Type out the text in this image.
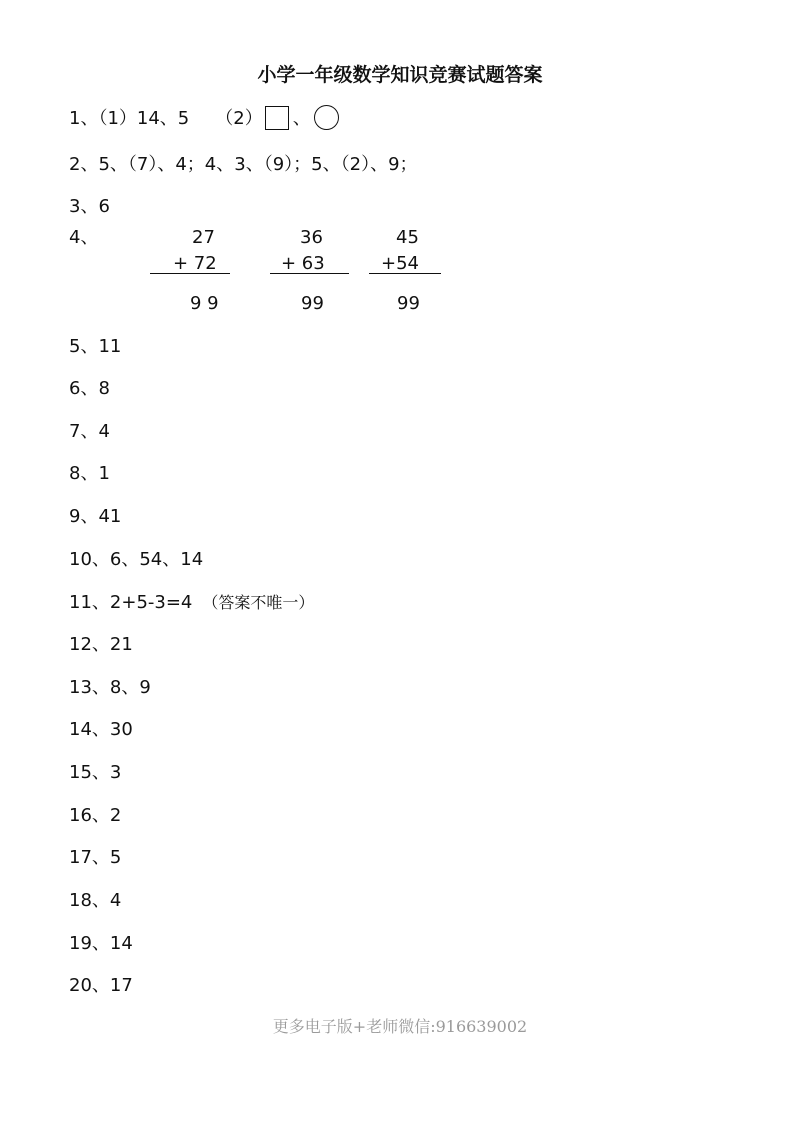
小学一年级数学知识竞赛试题答案
1、（1）14、5 （2） 、
2、5、（7）、4；4、3、（9）；5、（2）、9；
3、6
4、	27
+ 72
9 9
36
+ 63
99
45
+54
99
5、11
6、8
7、4
8、1
9、41
10、6、54、14
11、2+5-3=4 （答案不唯一）
12、21
13、8、9
14、30
15、3
16、2
17、5
18、4
19、14
20、17
更多电子版+老师微信:916639002
